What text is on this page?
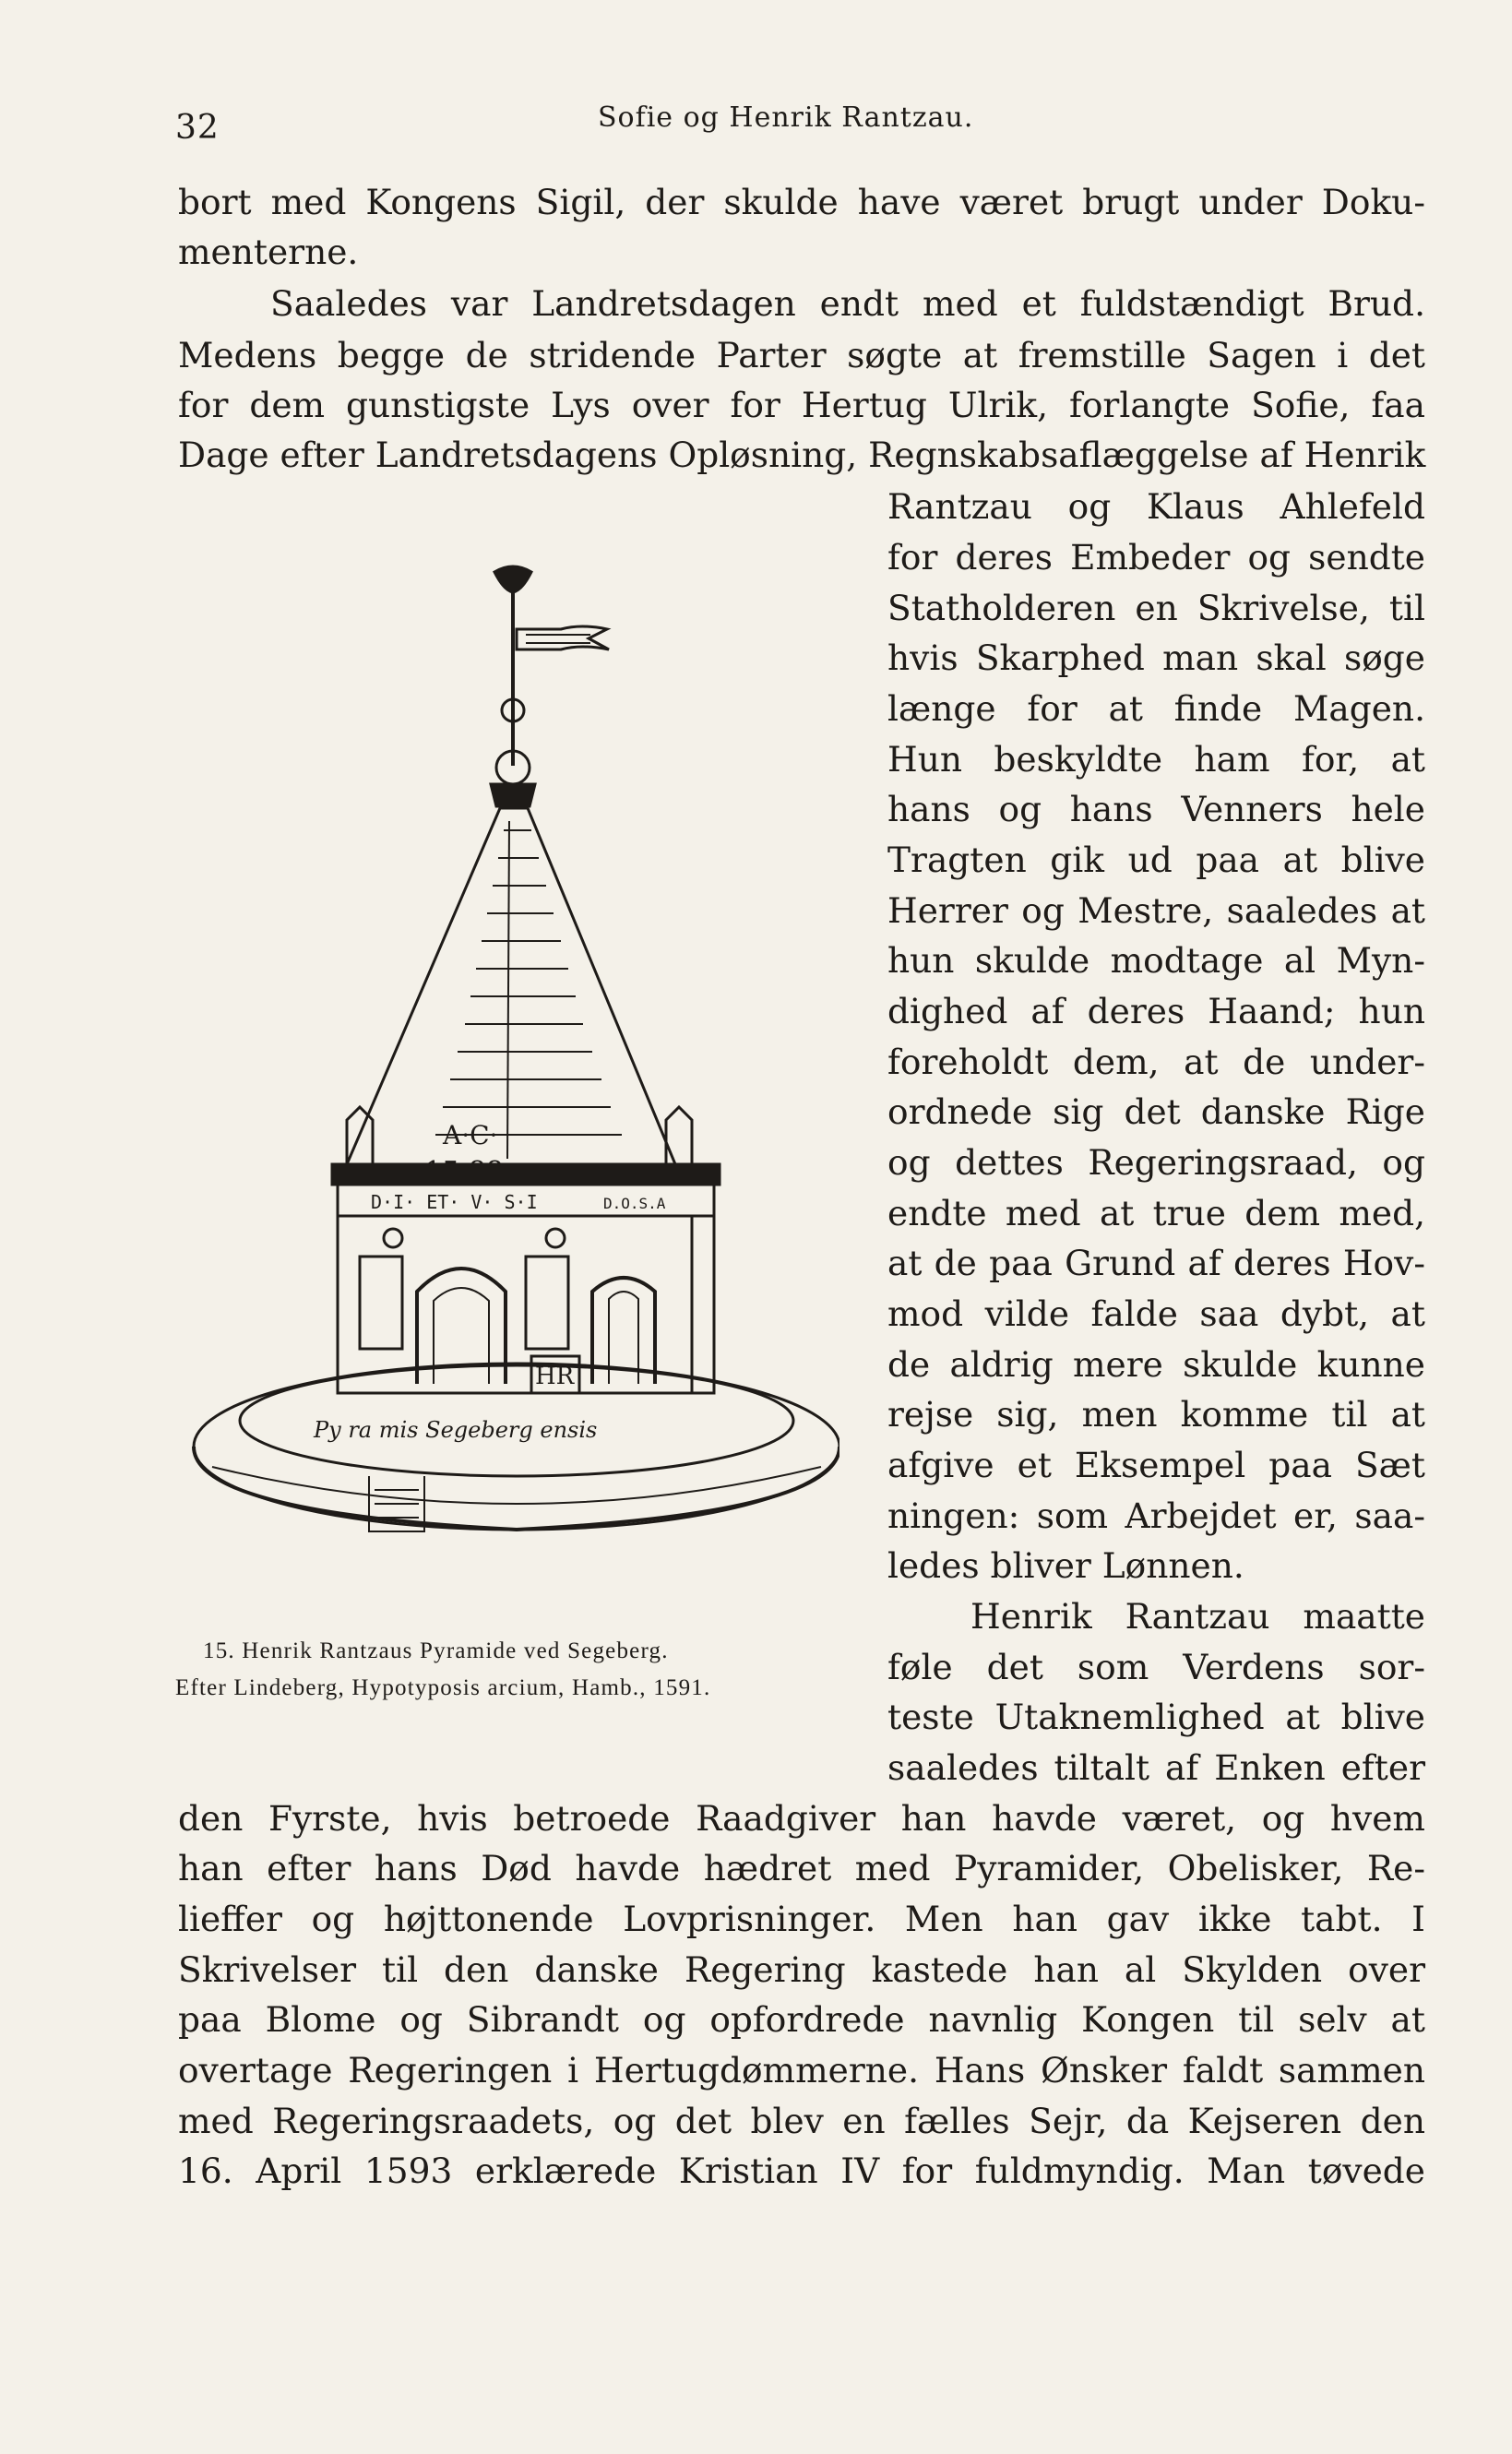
32	Sofie og Henrik Rantzau.
bort med Kongens Sigil, der skulde have været brugt under Doku-
menterne.
Saaledes var Landretsdagen endt med et fuldstændigt Brud.
Medens begge de stridende Parter søgte at fremstille Sagen i det
for dem gunstigste Lys over for Hertug Ulrik, forlangte Sofie, faa
Dage efter Landretsdagens Opløsning, Regnskabsaflæggelse af Henrik
Rantzau og Klaus Ahlefeld
for deres Embeder og sendte
Statholderen en Skrivelse, til
hvis Skarphed man skal søge
længe for at finde Magen.
Hun beskyldte ham for, at
hans og hans Venners hele
Tragten gik ud paa at blive
Herrer og Mestre, saaledes at
hun skulde modtage al Myn-
dighed af deres Haand; hun
foreholdt dem, at de under-
ordnede sig det danske Rige
og dettes Regeringsraad, og
endte med at true dem med,
at de paa Grund af deres Hov-
mod vilde falde saa dybt, at
de aldrig mere skulde kunne
rejse sig, men komme til at
afgive et Eksempel paa Sæt
ningen: som Arbejdet er, saa-
ledes bliver Lønnen.
Henrik Rantzau maatte
føle det som Verdens sor-
teste Utaknemlighed at blive
saaledes tiltalt af Enken efter
den Fyrste, hvis betroede Raadgiver han havde været, og hvem
han efter hans Død havde hædret med Pyramider, Obelisker, Re-
lieffer og højttonende Lovprisninger. Men han gav ikke tabt. I
Skrivelser til den danske Regering kastede han al Skylden over
paa Blome og Sibrandt og opfordrede navnlig Kongen til selv at
overtage Regeringen i Hertugdømmerne. Hans Ønsker faldt sammen
med Regeringsraadets, og det blev en fælles Sejr, da Kejseren den
16. April 1593 erklærede Kristian IV for fuldmyndig. Man tøvede
A·C·
D·I· ET· V· S·I	D.O.S.A
HR
Py ra mis Segeberg ensis
15. Henrik Rantzaus Pyramide ved Segeberg.
Efter Lindeberg, Hypotyposis arcium, Hamb., 1591.
